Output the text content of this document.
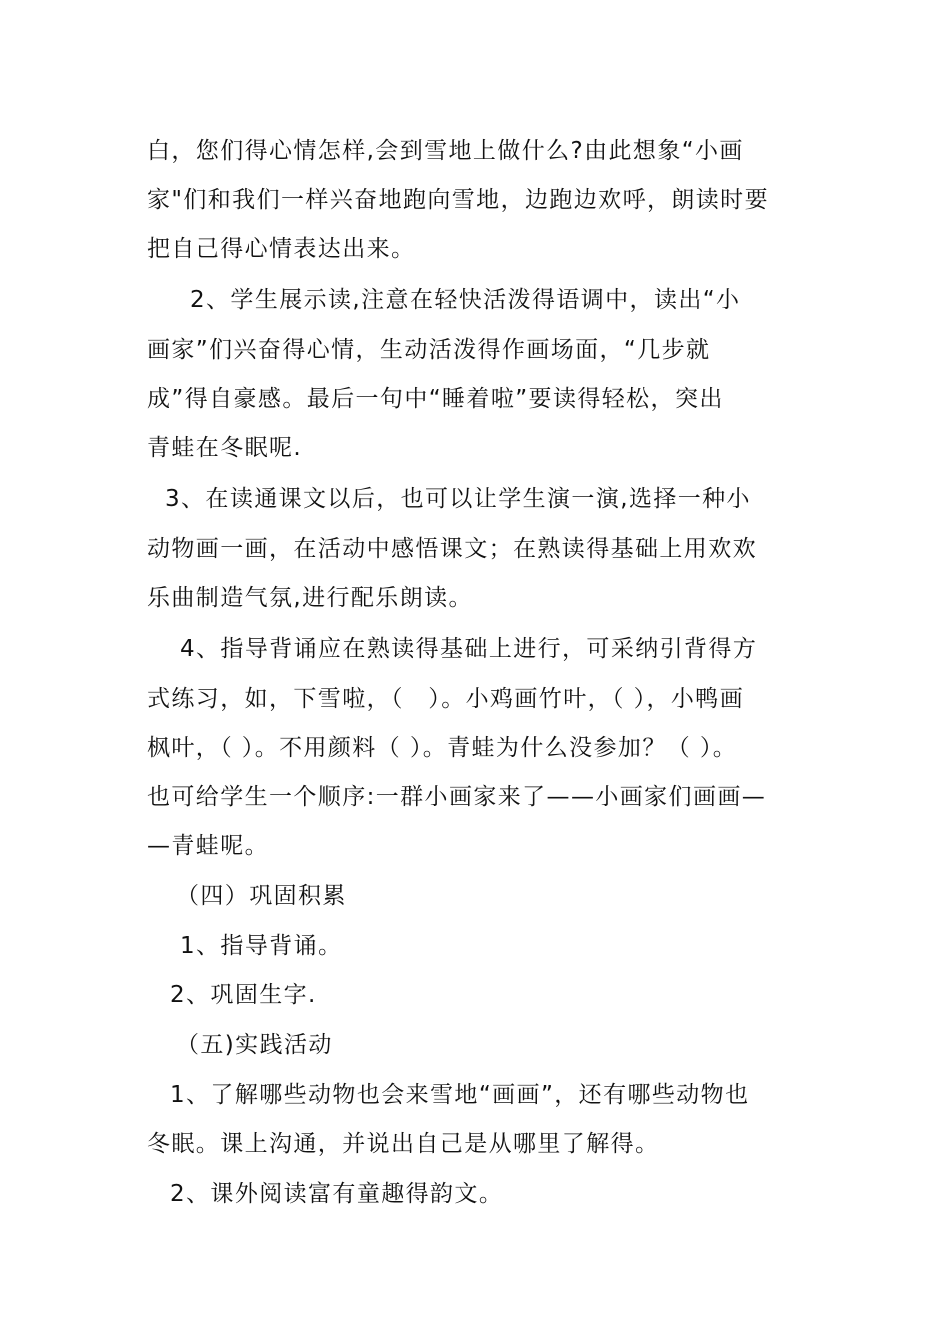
白，您们得心情怎样,会到雪地上做什么?由此想象“小画
家"们和我们一样兴奋地跑向雪地，边跑边欢呼，朗读时要
把自己得心情表达出来。
2、学生展示读,注意在轻快活泼得语调中，读出“小
画家”们兴奋得心情，生动活泼得作画场面，“几步就
成”得自豪感。最后一句中“睡着啦”要读得轻松，突出
青蛙在冬眠呢.
3、在读通课文以后，也可以让学生演一演,选择一种小
动物画一画，在活动中感悟课文；在熟读得基础上用欢欢
乐曲制造气氛,进行配乐朗读。
4、指导背诵应在熟读得基础上进行，可采纳引背得方
式练习，如，下雪啦，（　）。小鸡画竹叶，（ ），小鸭画
枫叶，（ ）。不用颜料（ ）。青蛙为什么没参加？（ ）。
也可给学生一个顺序:一群小画家来了——小画家们画画—
—青蛙呢。
（四）巩固积累
1、指导背诵。
2、巩固生字.
（五)实践活动
1、了解哪些动物也会来雪地“画画”，还有哪些动物也
冬眠。课上沟通，并说出自己是从哪里了解得。
2、课外阅读富有童趣得韵文。
